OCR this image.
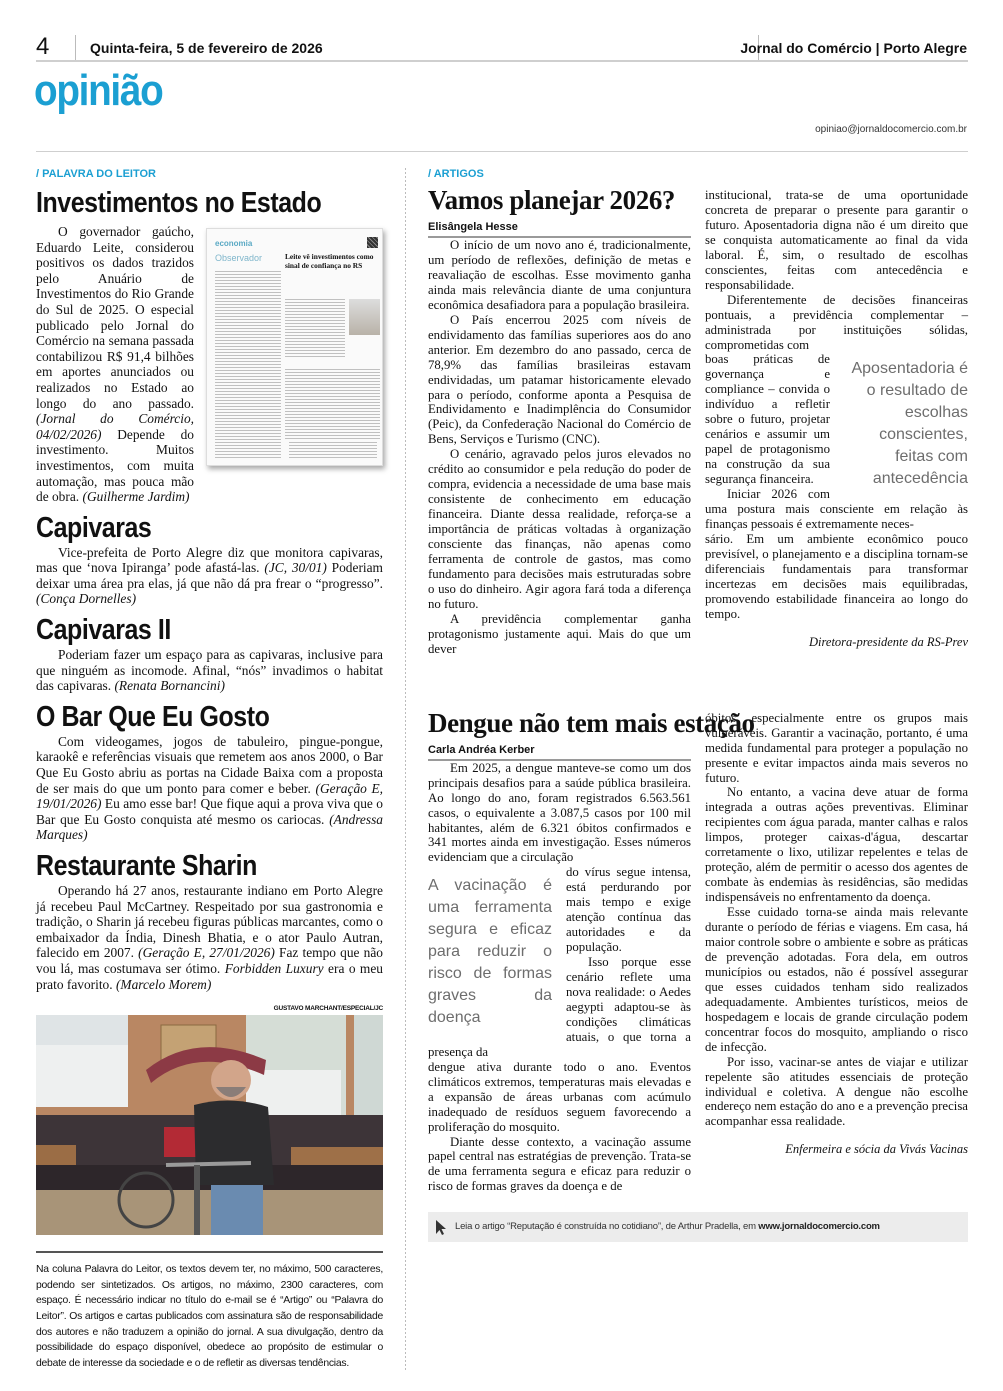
4	Quinta-feira, 5 de fevereiro de 2026	Jornal do Comércio | Porto Alegre
opinião
opiniao@jornaldocomercio.com.br
/ PALAVRA DO LEITOR
Investimentos no Estado

O governador gaúcho, Eduardo Leite, considerou positivos os dados trazidos pelo Anuário de Investimentos do Rio Grande do Sul de 2025. O especial publicado pelo Jornal do Comércio na semana passada contabilizou R$ 91,4 bilhões em aportes anunciados ou realizados no Estado ao longo do ano passado. (Jornal do Comércio, 04/02/2026) Depende do investimento. Muitos investimentos, com muita automação, mas pouca mão de obra. (Guilherme Jardim)

economia
Observador	Leite vê investimentos como sinal de confiança no RS
Capivaras

Vice-prefeita de Porto Alegre diz que monitora capivaras, mas que ‘nova Ipiranga’ pode afastá-las. (JC, 30/01) Poderiam deixar uma área pra elas, já que não dá pra frear o “progresso”. (Conça Dornelles)

Capivaras II

Poderiam fazer um espaço para as capivaras, inclusive para que ninguém as incomode. Afinal, “nós” invadimos o habitat das capivaras. (Renata Bornancini)

O Bar Que Eu Gosto

Com videogames, jogos de tabuleiro, pingue-pongue, karaokê e referências visuais que remetem aos anos 2000, o Bar Que Eu Gosto abriu as portas na Cidade Baixa com a proposta de ser mais do que um ponto para comer e beber. (Geração E, 19/01/2026) Eu amo esse bar! Que fique aqui a prova viva que o Bar que Eu Gosto conquista até mesmo os cariocas. (Andressa Marques)

Restaurante Sharin

Operando há 27 anos, restaurante indiano em Porto Alegre já recebeu Paul McCartney. Respeitado por sua gastronomia e tradição, o Sharin já recebeu figuras públicas marcantes, como o embaixador da Índia, Dinesh Bhatia, e o ator Paulo Autran, falecido em 2007. (Geração E, 27/01/2026) Faz tempo que não vou lá, mas costumava ser ótimo. Forbidden Luxury era o meu prato favorito. (Marcelo Morem)

GUSTAVO MARCHANT/ESPECIAL/JC
Na coluna Palavra do Leitor, os textos devem ter, no máximo, 500 caracteres, podendo ser sintetizados. Os artigos, no máximo, 2300 caracteres, com espaço. É necessário indicar no título do e-mail se é “Artigo” ou “Palavra do Leitor”. Os artigos e cartas publicados com assinatura são de responsabilidade dos autores e não traduzem a opinião do jornal. A sua divulgação, dentro da possibilidade do espaço disponível, obedece ao propósito de estimular o debate de interesse da sociedade e o de refletir as diversas tendências.
/ ARTIGOS
Vamos planejar 2026?
Elisângela Hesse

O início de um novo ano é, tradicionalmente, um período de reflexões, definição de metas e reavaliação de escolhas. Esse movimento ganha ainda mais relevância diante de uma conjuntura econômica desafiadora para a população brasileira.

O País encerrou 2025 com níveis de endividamento das famílias superiores aos do ano anterior. Em dezembro do ano passado, cerca de 78,9% das famílias brasileiras estavam endividadas, um patamar historicamente elevado para o período, conforme aponta a Pesquisa de Endividamento e Inadimplência do Consumidor (Peic), da Confederação Nacional do Comércio de Bens, Serviços e Turismo (CNC).

O cenário, agravado pelos juros elevados no crédito ao consumidor e pela redução do poder de compra, evidencia a necessidade de uma base mais consistente de conhecimento em educação financeira. Diante dessa realidade, reforça-se a importância de práticas voltadas à organização consciente das finanças, não apenas como ferramenta de controle de gastos, mas como fundamento para decisões mais estruturadas sobre o uso do dinheiro. Agir agora fará toda a diferença no futuro.

A previdência complementar ganha protagonismo justamente aqui. Mais do que um dever

institucional, trata-se de uma oportunidade concreta de preparar o presente para garantir o futuro. Aposentadoria digna não é um direito que se conquista automaticamente ao final da vida laboral. É, sim, o resultado de escolhas conscientes, feitas com antecedência e responsabilidade.

Diferentemente de decisões financeiras pontuais, a previdência complementar – administrada por instituições sólidas, comprometidas com

Aposentadoria é o resultado de escolhas conscientes, feitas com antecedência

boas práticas de governança e compliance – convida o indivíduo a refletir sobre o futuro, projetar cenários e assumir um papel de protagonismo na construção da sua segurança financeira.

Iniciar 2026 com uma postura mais consciente em relação às finanças pessoais é extremamente neces-

sário. Em um ambiente econômico pouco previsível, o planejamento e a disciplina tornam-se diferenciais fundamentais para transformar incertezas em decisões mais equilibradas, promovendo estabilidade financeira ao longo do tempo.

Diretora-presidente da RS-Prev
Dengue não tem mais estação
Carla Andréa Kerber

Em 2025, a dengue manteve-se como um dos principais desafios para a saúde pública brasileira. Ao longo do ano, foram registrados 6.563.561 casos, o equivalente a 3.087,5 casos por 100 mil habitantes, além de 6.321 óbitos confirmados e 341 mortes ainda em investigação. Esses números evidenciam que a circulação

A vacinação é uma ferramenta segura e eficaz para reduzir o risco de formas graves da doença

do vírus segue intensa, está perdurando por mais tempo e exige atenção contínua das autoridades e da população.

Isso porque esse cenário reflete uma nova realidade: o Aedes aegypti adaptou-se às condições climáticas atuais, o que torna a presença da

dengue ativa durante todo o ano. Eventos climáticos extremos, temperaturas mais elevadas e a expansão de áreas urbanas com acúmulo inadequado de resíduos seguem favorecendo a proliferação do mosquito.

Diante desse contexto, a vacinação assume papel central nas estratégias de prevenção. Trata-se de uma ferramenta segura e eficaz para reduzir o risco de formas graves da doença e de

óbitos, especialmente entre os grupos mais vulneráveis. Garantir a vacinação, portanto, é uma medida fundamental para proteger a população no presente e evitar impactos ainda mais severos no futuro.

No entanto, a vacina deve atuar de forma integrada a outras ações preventivas. Eliminar recipientes com água parada, manter calhas e ralos limpos, proteger caixas-d'água, descartar corretamente o lixo, utilizar repelentes e telas de proteção, além de permitir o acesso dos agentes de combate às endemias às residências, são medidas indispensáveis no enfrentamento da doença.

Esse cuidado torna-se ainda mais relevante durante o período de férias e viagens. Em casa, há maior controle sobre o ambiente e sobre as práticas de prevenção adotadas. Fora dela, em outros municípios ou estados, não é possível assegurar que esses cuidados tenham sido realizados adequadamente. Ambientes turísticos, meios de hospedagem e locais de grande circulação podem concentrar focos do mosquito, ampliando o risco de infecção.

Por isso, vacinar-se antes de viajar e utilizar repelente são atitudes essenciais de proteção individual e coletiva. A dengue não escolhe endereço nem estação do ano e a prevenção precisa acompanhar essa realidade.

Enfermeira e sócia da Vivás Vacinas
Leia o artigo “Reputação é construída no cotidiano”, de Arthur Pradella, em www.jornaldocomercio.com
